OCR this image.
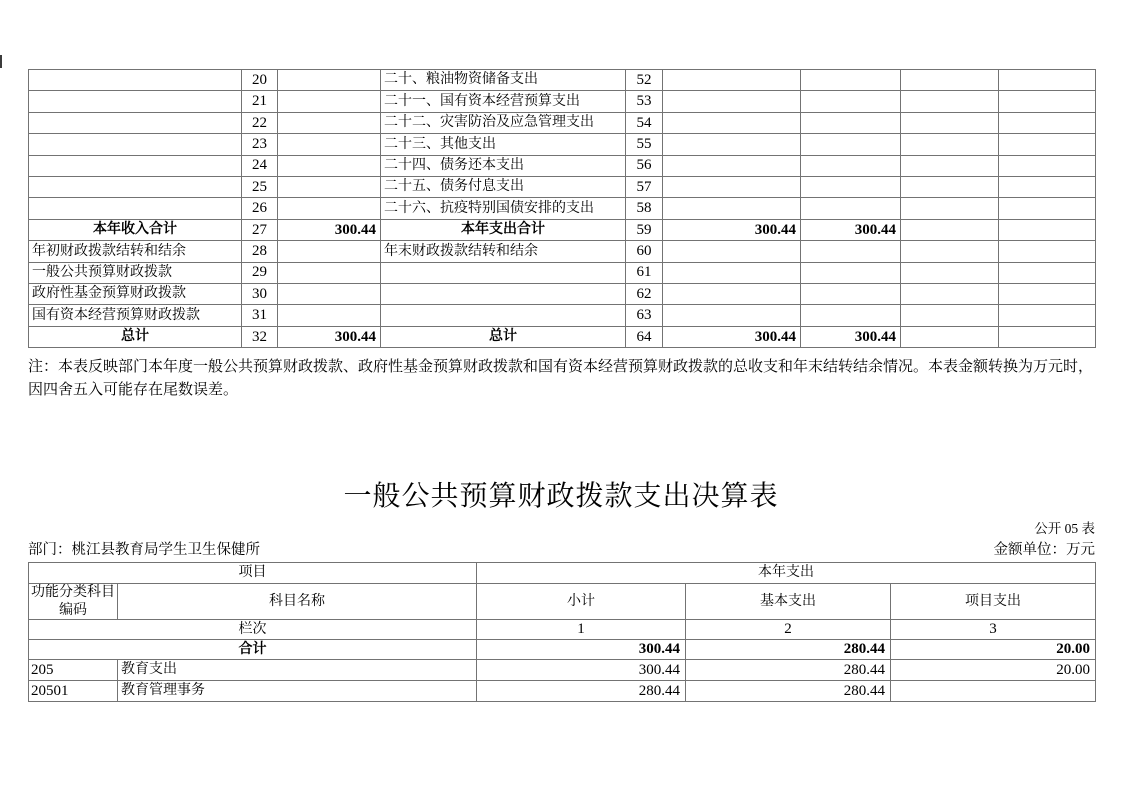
	20		二十、粮油物资储备支出	52				
	21		二十一、国有资本经营预算支出	53				
	22		二十二、灾害防治及应急管理支出	54				
	23		二十三、其他支出	55				
	24		二十四、债务还本支出	56				
	25		二十五、债务付息支出	57				
	26		二十六、抗疫特别国债安排的支出	58				
本年收入合计	27	300.44	本年支出合计	59	300.44	300.44		
年初财政拨款结转和结余	28		年末财政拨款结转和结余	60				
一般公共预算财政拨款	29			61				
政府性基金预算财政拨款	30			62				
国有资本经营预算财政拨款	31			63				
总计	32	300.44	总计	64	300.44	300.44		
注：本表反映部门本年度一般公共预算财政拨款、政府性基金预算财政拨款和国有资本经营预算财政拨款的总收支和年末结转结余情况。本表金额转换为万元时，因四舍五入可能存在尾数误差。
一般公共预算财政拨款支出决算表
公开 05 表
部门：桃江县教育局学生卫生保健所	金额单位：万元
项目		本年支出		
功能分类科目编码	科目名称	小计	基本支出	项目支出
栏次		1	2	3
合计		300.44	280.44	20.00
205	教育支出	300.44	280.44	20.00
20501	教育管理事务	280.44	280.44	
